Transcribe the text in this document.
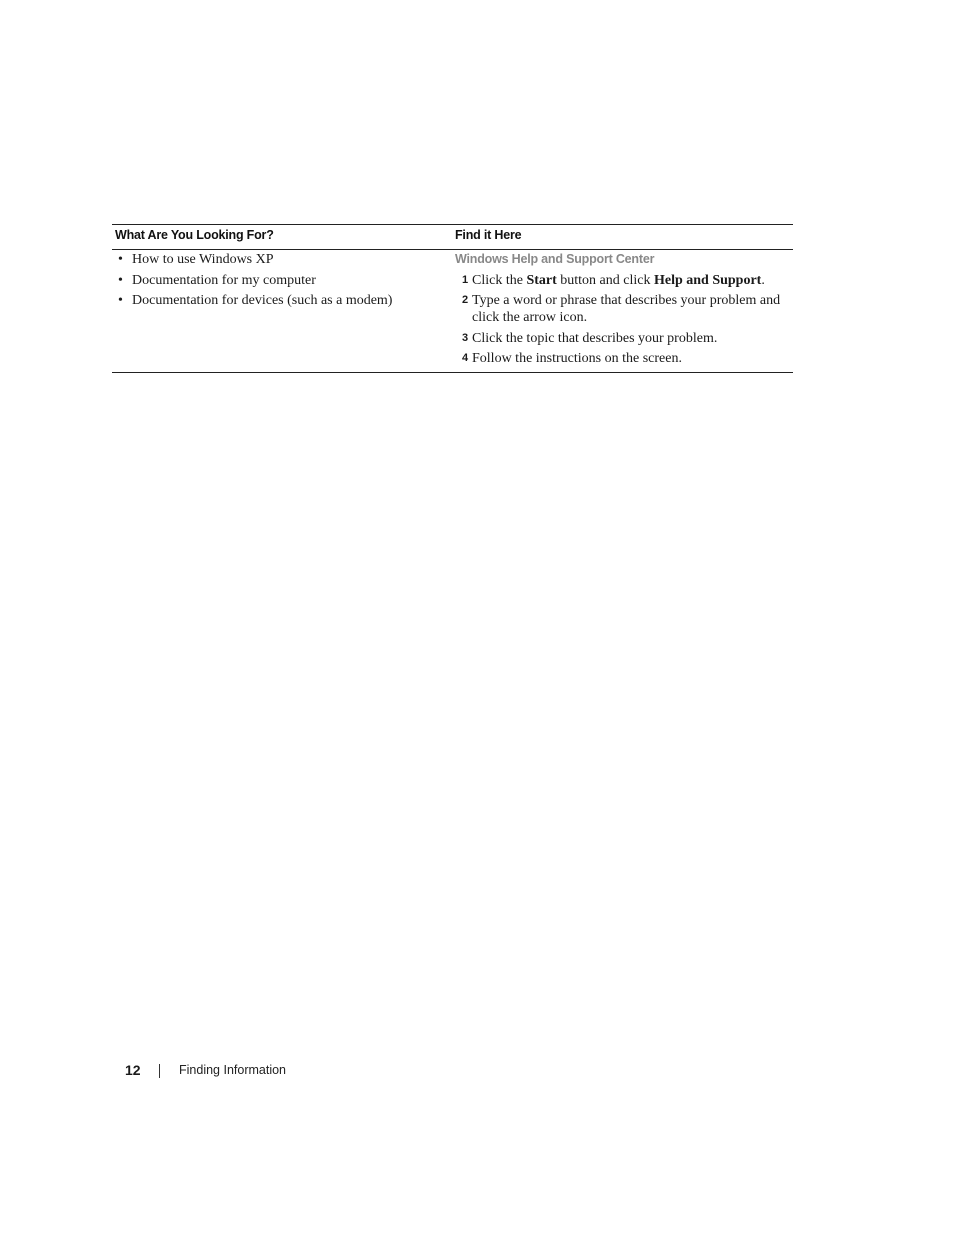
What Are You Looking For?	Find it Here
• How to use Windows XP
• Documentation for my computer
• Documentation for devices (such as a modem)
Windows Help and Support Center
1 Click the Start button and click Help and Support.
2 Type a word or phrase that describes your problem and
click the arrow icon.
3 Click the topic that describes your problem.
4 Follow the instructions on the screen.
12	Finding Information
